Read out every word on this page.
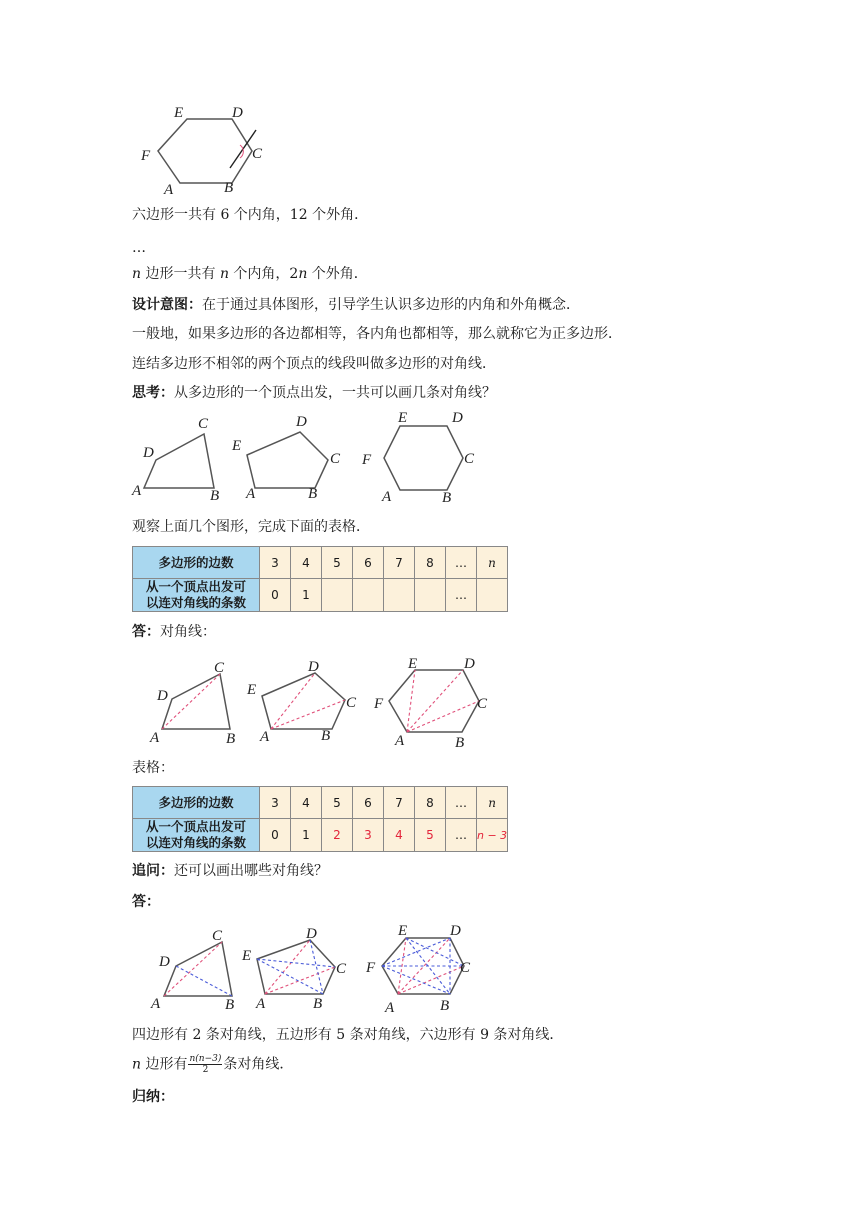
E	D
C
B
A
F
六边形一共有 6 个内角，12 个外角．
…
n 边形一共有 n 个内角，2n 个外角．
设计意图：在于通过具体图形，引导学生认识多边形的内角和外角概念．
一般地，如果多边形的各边都相等，各内角也都相等，那么就称它为正多边形．
连结多边形不相邻的两个顶点的线段叫做多边形的对角线．
思考：从多边形的一个顶点出发，一共可以画几条对角线？
D
C
A	B
E
D
C
A	B
E	D
C
B
A
F
观察上面几个图形，完成下面的表格．
多边形的边数	3	4	5	6	7	8	…	n
从一个顶点出发可
以连对角线的条数	0	1					…	
答：对角线：
D
C
A	B
E
D
C
A	B
E	D
C
B
A
F
表格：
多边形的边数	3	4	5	6	7	8	…	n
从一个顶点出发可
以连对角线的条数	0	1	2	3	4	5	…	n − 3
追问：还可以画出哪些对角线？
答：
D
C
A	B
E
D
C
A	B
E	D
C
B
A
F
四边形有 2 条对角线，五边形有 5 条对角线，六边形有 9 条对角线．
n 边形有 $\frac{n(n-3)}{2}$ 条对角线．
归纳：
